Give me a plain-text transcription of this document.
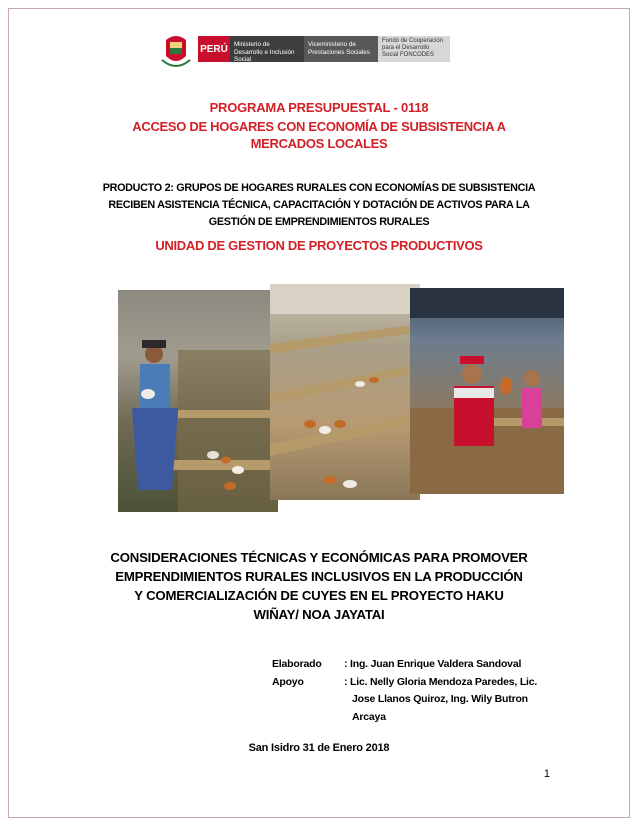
PERÚ Ministerio de Desarrollo e Inclusión Social
Viceministerio de Prestaciones Sociales
Fondo de Cooperación para el Desarrollo Social FONCODES
PROGRAMA PRESUPUESTAL - 0118
ACCESO DE HOGARES CON ECONOMÍA DE SUBSISTENCIA A MERCADOS LOCALES
PRODUCTO 2: GRUPOS DE HOGARES RURALES CON ECONOMÍAS DE SUBSISTENCIA RECIBEN ASISTENCIA TÉCNICA, CAPACITACIÓN Y DOTACIÓN DE ACTIVOS PARA LA GESTIÓN DE EMPRENDIMIENTOS RURALES
UNIDAD DE GESTION DE PROYECTOS PRODUCTIVOS
CONSIDERACIONES TÉCNICAS Y ECONÓMICAS PARA PROMOVER EMPRENDIMIENTOS RURALES INCLUSIVOS EN LA PRODUCCIÓN Y COMERCIALIZACIÓN DE CUYES EN EL PROYECTO HAKU WIÑAY/ NOA JAYATAI
Elaborado	: Ing. Juan Enrique Valdera Sandoval
Apoyo	: Lic. Nelly Gloria Mendoza Paredes, Lic.
Jose Llanos Quiroz, Ing. Wily Butron
Arcaya
San Isidro 31 de Enero 2018
1
